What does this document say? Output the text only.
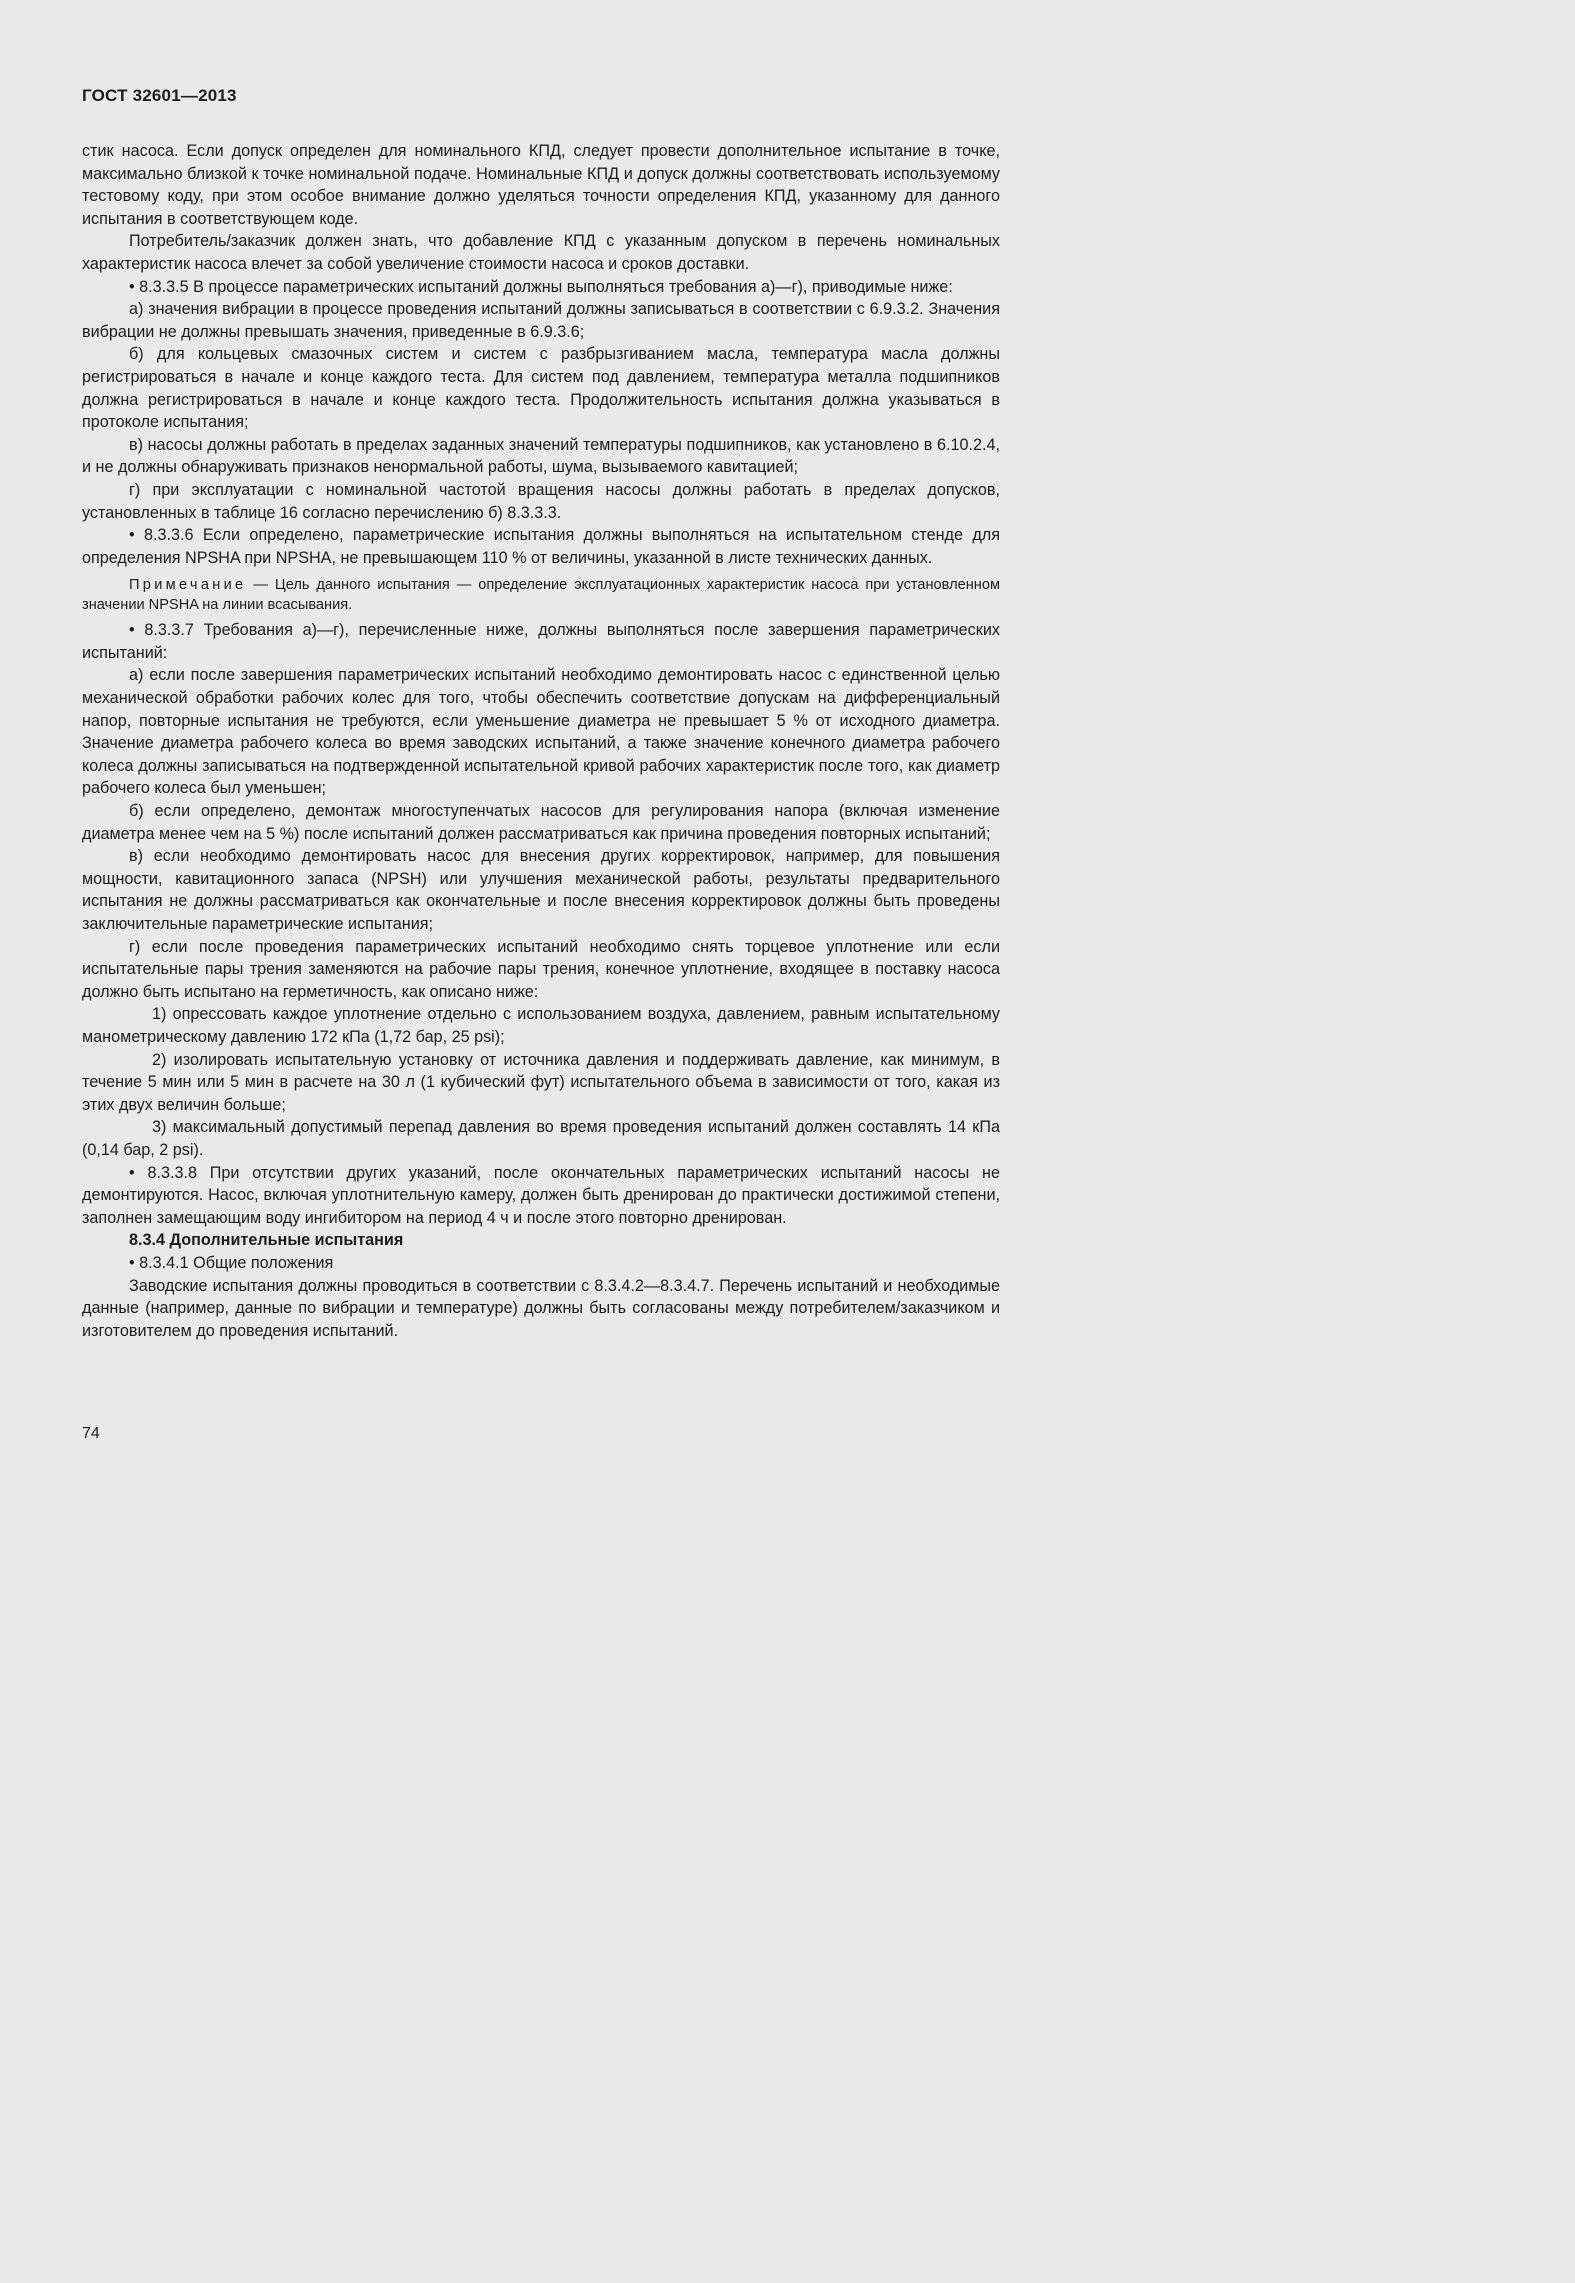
ГОСТ 32601—2013

стик насоса. Если допуск определен для номинального КПД, следует провести дополнительное испытание в точке, максимально близкой к точке номинальной подаче. Номинальные КПД и допуск должны соответствовать используемому тестовому коду, при этом особое внимание должно уделяться точности определения КПД, указанному для данного испытания в соответствующем коде.

Потребитель/заказчик должен знать, что добавление КПД с указанным допуском в перечень номинальных характеристик насоса влечет за собой увеличение стоимости насоса и сроков доставки.

• 8.3.3.5 В процессе параметрических испытаний должны выполняться требования а)—г), приводимые ниже:

а) значения вибрации в процессе проведения испытаний должны записываться в соответствии с 6.9.3.2. Значения вибрации не должны превышать значения, приведенные в 6.9.3.6;

б) для кольцевых смазочных систем и систем с разбрызгиванием масла, температура масла должны регистрироваться в начале и конце каждого теста. Для систем под давлением, температура металла подшипников должна регистрироваться в начале и конце каждого теста. Продолжительность испытания должна указываться в протоколе испытания;

в) насосы должны работать в пределах заданных значений температуры подшипников, как установлено в 6.10.2.4, и не должны обнаруживать признаков ненормальной работы, шума, вызываемого кавитацией;

г) при эксплуатации с номинальной частотой вращения насосы должны работать в пределах допусков, установленных в таблице 16 согласно перечислению б) 8.3.3.3.

• 8.3.3.6 Если определено, параметрические испытания должны выполняться на испытательном стенде для определения NPSHA при NPSHA, не превышающем 110 % от величины, указанной в листе технических данных.

Примечание — Цель данного испытания — определение эксплуатационных характеристик насоса при установленном значении NPSHA на линии всасывания.

• 8.3.3.7 Требования а)—г), перечисленные ниже, должны выполняться после завершения параметрических испытаний:

а) если после завершения параметрических испытаний необходимо демонтировать насос с единственной целью механической обработки рабочих колес для того, чтобы обеспечить соответствие допускам на дифференциальный напор, повторные испытания не требуются, если уменьшение диаметра не превышает 5 % от исходного диаметра. Значение диаметра рабочего колеса во время заводских испытаний, а также значение конечного диаметра рабочего колеса должны записываться на подтвержденной испытательной кривой рабочих характеристик после того, как диаметр рабочего колеса был уменьшен;

б) если определено, демонтаж многоступенчатых насосов для регулирования напора (включая изменение диаметра менее чем на 5 %) после испытаний должен рассматриваться как причина проведения повторных испытаний;

в) если необходимо демонтировать насос для внесения других корректировок, например, для повышения мощности, кавитационного запаса (NPSH) или улучшения механической работы, результаты предварительного испытания не должны рассматриваться как окончательные и после внесения корректировок должны быть проведены заключительные параметрические испытания;

г) если после проведения параметрических испытаний необходимо снять торцевое уплотнение или если испытательные пары трения заменяются на рабочие пары трения, конечное уплотнение, входящее в поставку насоса должно быть испытано на герметичность, как описано ниже:

1) опрессовать каждое уплотнение отдельно с использованием воздуха, давлением, равным испытательному манометрическому давлению 172 кПа (1,72 бар, 25 psi);

2) изолировать испытательную установку от источника давления и поддерживать давление, как минимум, в течение 5 мин или 5 мин в расчете на 30 л (1 кубический фут) испытательного объема в зависимости от того, какая из этих двух величин больше;

3) максимальный допустимый перепад давления во время проведения испытаний должен составлять 14 кПа (0,14 бар, 2 psi).

• 8.3.3.8 При отсутствии других указаний, после окончательных параметрических испытаний насосы не демонтируются. Насос, включая уплотнительную камеру, должен быть дренирован до практически достижимой степени, заполнен замещающим воду ингибитором на период 4 ч и после этого повторно дренирован.

8.3.4 Дополнительные испытания

• 8.3.4.1 Общие положения

Заводские испытания должны проводиться в соответствии с 8.3.4.2—8.3.4.7. Перечень испытаний и необходимые данные (например, данные по вибрации и температуре) должны быть согласованы между потребителем/заказчиком и изготовителем до проведения испытаний.

74
